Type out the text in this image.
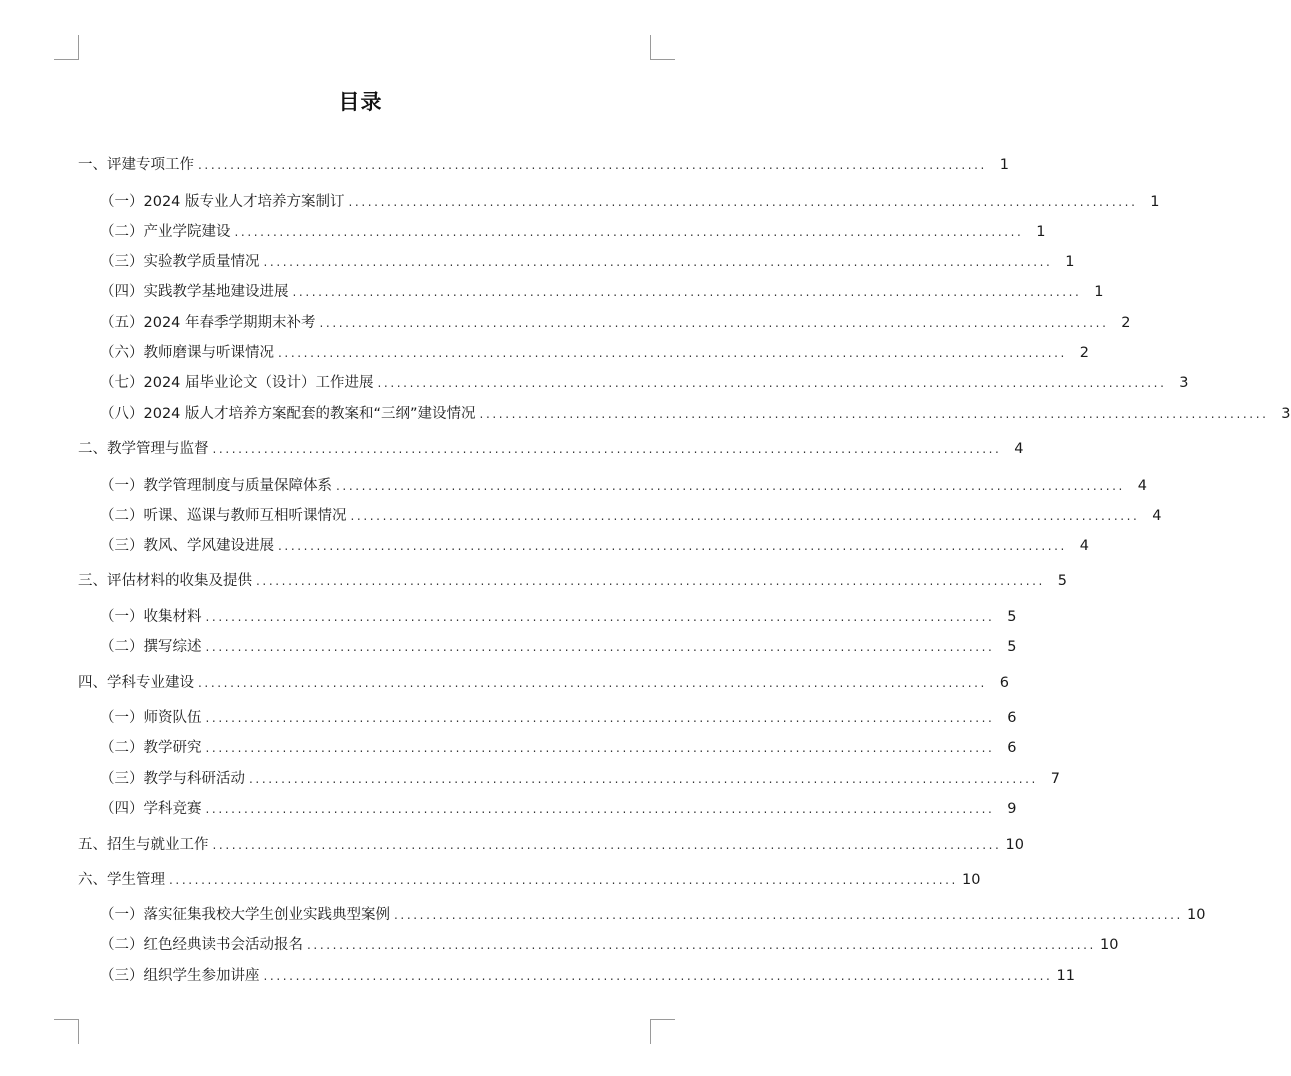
目录
一、评建专项工作 ........................................................................................................................... 1
（一）2024 版专业人才培养方案制订 ........................................................................................................................... 1
（二）产业学院建设 ........................................................................................................................... 1
（三）实验教学质量情况 ........................................................................................................................... 1
（四）实践教学基地建设进展 ........................................................................................................................... 1
（五）2024 年春季学期期末补考 ........................................................................................................................... 2
（六）教师磨课与听课情况 ........................................................................................................................... 2
（七）2024 届毕业论文（设计）工作进展 ........................................................................................................................... 3
（八）2024 版人才培养方案配套的教案和“三纲”建设情况 ........................................................................................................................... 3
二、教学管理与监督 ........................................................................................................................... 4
（一）教学管理制度与质量保障体系 ........................................................................................................................... 4
（二）听课、巡课与教师互相听课情况 ........................................................................................................................... 4
（三）教风、学风建设进展 ........................................................................................................................... 4
三、评估材料的收集及提供 ........................................................................................................................... 5
（一）收集材料 ........................................................................................................................... 5
（二）撰写综述 ........................................................................................................................... 5
四、学科专业建设 ........................................................................................................................... 6
（一）师资队伍 ........................................................................................................................... 6
（二）教学研究 ........................................................................................................................... 6
（三）教学与科研活动 ........................................................................................................................... 7
（四）学科竞赛 ........................................................................................................................... 9
五、招生与就业工作 ........................................................................................................................... 10
六、学生管理 ........................................................................................................................... 10
（一）落实征集我校大学生创业实践典型案例 ........................................................................................................................... 10
（二）红色经典读书会活动报名 ........................................................................................................................... 10
（三）组织学生参加讲座 ........................................................................................................................... 11
